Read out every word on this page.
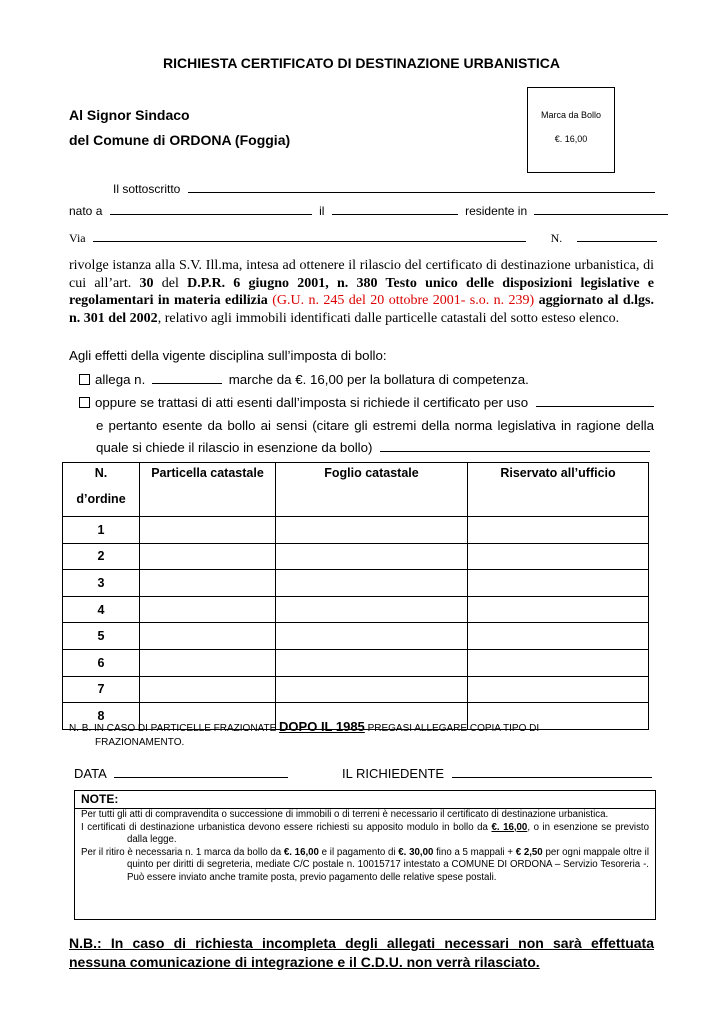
RICHIESTA CERTIFICATO DI DESTINAZIONE URBANISTICA
Al Signor Sindaco
del Comune di ORDONA (Foggia)
Marca da Bollo
€. 16,00
Il sottoscritto
nato a	il	residente in
Via	N.
rivolge istanza alla S.V. Ill.ma, intesa ad ottenere il rilascio del certificato di destinazione urbanistica, di cui all’art. 30 del D.P.R. 6 giugno 2001, n. 380 Testo unico delle disposizioni legislative e regolamentari in materia edilizia (G.U. n. 245 del 20 ottobre 2001- s.o. n. 239) aggiornato al d.lgs. n. 301 del 2002, relativo agli immobili identificati dalle particelle catastali del sotto esteso elenco.
Agli effetti della vigente disciplina sull’imposta di bollo:
allega n.	marche da €. 16,00 per la bollatura di competenza.
oppure se trattasi di atti esenti dall’imposta si richiede il certificato per uso
e pertanto esente da bollo ai sensi (citare gli estremi della norma legislativa in ragione della
quale si chiede il rilascio in esenzione da bollo)
N.
d’ordine	Particella catastale	Foglio catastale	Riservato all’ufficio
1			
2			
3			
4			
5			
6			
7			
8			
N. B. IN CASO DI PARTICELLE FRAZIONATE DOPO IL 1985 PREGASI ALLEGARE COPIA TIPO DI
FRAZIONAMENTO.
DATA	IL RICHIEDENTE
NOTE:

Per tutti gli atti di compravendita o successione di immobili o di terreni è necessario il certificato di destinazione urbanistica.

I certificati di destinazione urbanistica devono essere richiesti su apposito modulo in bollo da €. 16,00, o in esenzione se previsto dalla legge.

Per il ritiro è necessaria n. 1 marca da bollo da €. 16,00 e il pagamento di €. 30,00 fino a 5 mappali + € 2,50 per ogni mappale oltre il quinto per diritti di segreteria, mediate C/C postale n. 10015717 intestato a COMUNE DI ORDONA – Servizio Tesoreria -. Può essere inviato anche tramite posta, previo pagamento delle relative spese postali.

N.B.: In caso di richiesta incompleta degli allegati necessari non sarà effettuata nessuna comunicazione di integrazione e il C.D.U. non verrà rilasciato.
